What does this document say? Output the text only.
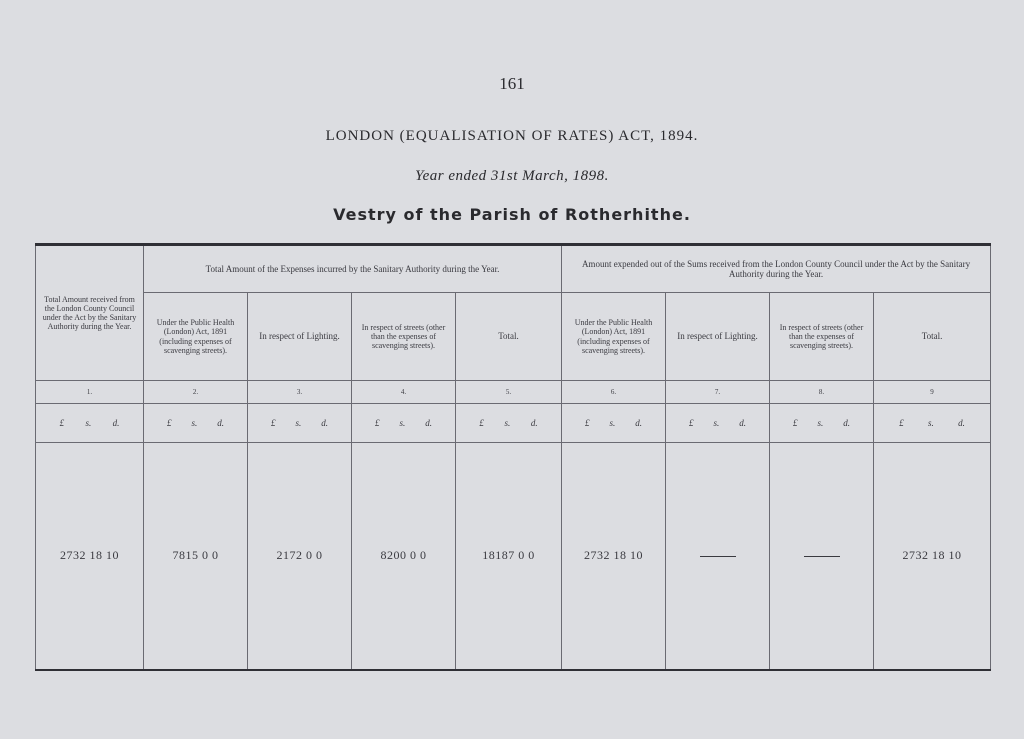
161
LONDON (EQUALISATION OF RATES) ACT, 1894.
Year ended 31st March, 1898.
Vestry of the Parish of Rotherhithe.
Total Amount received from the London County Council under the Act by the Sanitary Authority during the Year.	Total Amount of the Expenses incurred by the Sanitary Authority during the Year.				Amount expended out of the Sums received from the London County Council under the Act by the Sanitary Authority during the Year.			
	Under the Public Health (London) Act, 1891 (including expenses of scavenging streets).	In respect of Lighting.	In respect of streets (other than the expenses of scavenging streets).	Total.	Under the Public Health (London) Act, 1891 (including expenses of scavenging streets).	In respect of Lighting.	In respect of streets (other than the expenses of scavenging streets).	Total.
1.	2.	3.	4.	5.	6.	7.	8.	9

£ s. d.	£ s. d.	£ s. d.	£ s. d.	£ s. d.	£ s. d.	£ s. d.	£ s. d.	£ s. d.

2732 18 10	7815 0 0	2172 0 0	8200 0 0	18187 0 0	2732 18 10			2732 18 10
